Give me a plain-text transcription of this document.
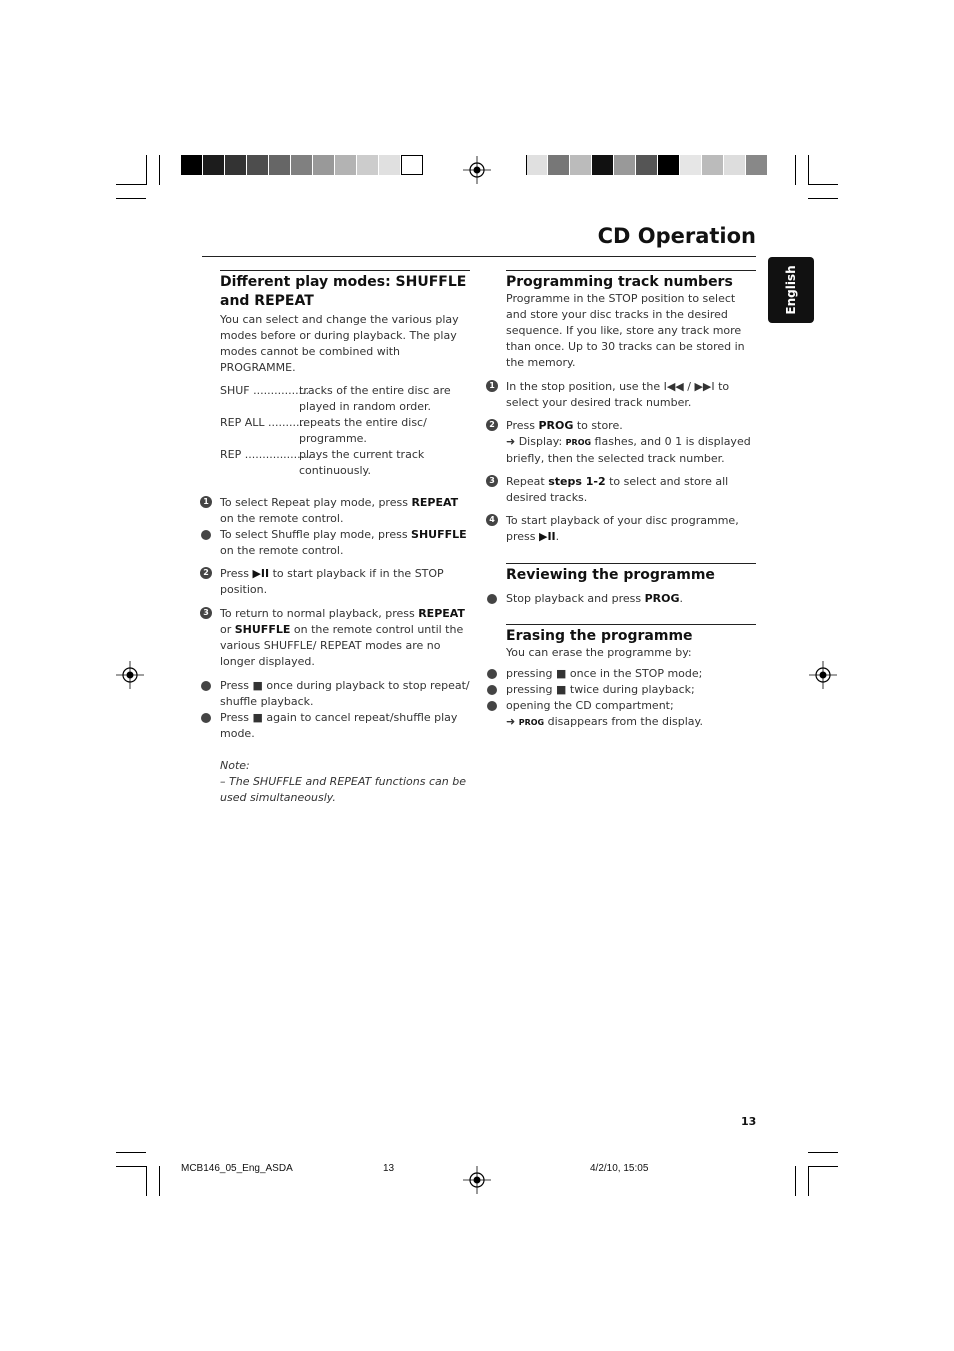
CD Operation
English
Different play modes: SHUFFLE and REPEAT

You can select and change the various play modes before or during playback. The play modes cannot be combined with PROGRAMME.

SHUF ................
tracks of the entire disc are played in random order.
REP ALL ...........
repeats the entire disc/ programme.
REP ...................
plays the current track continuously.
1 To select Repeat play mode, press REPEAT on the remote control.
To select Shuffle play mode, press SHUFFLE on the remote control.
2 Press ▶II to start playback if in the STOP position.
3 To return to normal playback, press REPEAT or SHUFFLE on the remote control until the various SHUFFLE/ REPEAT modes are no longer displayed.
Press ■ once during playback to stop repeat/ shuffle playback.
Press ■ again to cancel repeat/shuffle play mode.

Note:

– The SHUFFLE and REPEAT functions can be used simultaneously.

Programming track numbers

Programme in the STOP position to select and store your disc tracks in the desired sequence. If you like, store any track more than once. Up to 30 tracks can be stored in the memory.

1 In the stop position, use the I◀◀ / ▶▶I to select your desired track number.
2 Press PROG to store.
➜ Display: PROG flashes, and 0 1 is displayed briefly, then the selected track number.
3 Repeat steps 1-2 to select and store all desired tracks.
4 To start playback of your disc programme, press ▶II.
Reviewing the programme
Stop playback and press PROG.
Erasing the programme

You can erase the programme by:

pressing ■ once in the STOP mode;
pressing ■ twice during playback;
opening the CD compartment;

➜ PROG disappears from the display.

13
MCB146_05_Eng_ASDA	13	4/2/10, 15:05
